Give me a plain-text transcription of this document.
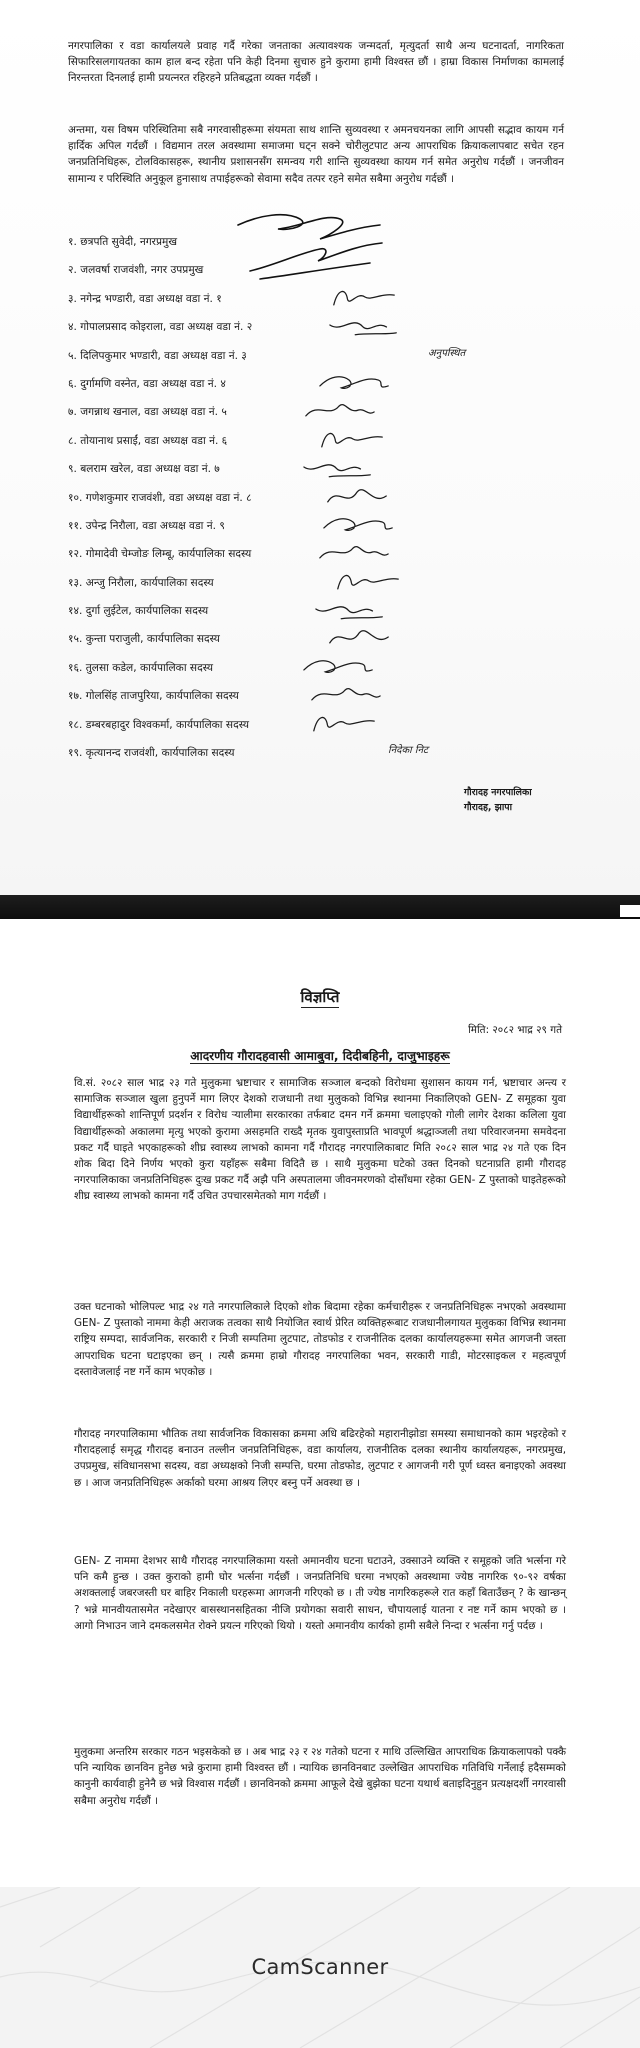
नगरपालिका र वडा कार्यालयले प्रवाह गर्दै गरेका जनताका अत्यावश्यक जन्मदर्ता, मृत्युदर्ता साथै अन्य घटनादर्ता, नागरिकता सिफारिसलगायतका काम हाल बन्द रहेता पनि केही दिनमा सुचारु हुने कुरामा हामी विश्वस्त छौं । हाम्रा विकास निर्माणका कामलाई निरन्तरता दिनलाई हामी प्रयत्नरत रहिरहने प्रतिबद्धता व्यक्त गर्दछौं ।
अन्तमा, यस विषम परिस्थितिमा सबै नगरवासीहरूमा संयमता साथ शान्ति सुव्यवस्था र अमनचयनका लागि आपसी सद्भाव कायम गर्न हार्दिक अपिल गर्दछौं । विद्यमान तरल अवस्थामा समाजमा घट्न सक्ने चोरीलुटपाट अन्य आपराधिक क्रियाकलापबाट सचेत रहन जनप्रतिनिधिहरू, टोलविकासहरू, स्थानीय प्रशासनसँग समन्वय गरी शान्ति सुव्यवस्था कायम गर्न समेत अनुरोध गर्दछौं । जनजीवन सामान्य र परिस्थिति अनुकूल हुनासाथ तपाईहरूको सेवामा सदैव तत्पर रहने समेत सबैमा अनुरोध गर्दछौं ।
१. छत्रपति सुवेदी, नगरप्रमुख
२. जलवर्षा राजवंशी, नगर उपप्रमुख
३. नगेन्द्र भण्डारी, वडा अध्यक्ष वडा नं. १
४. गोपालप्रसाद कोइराला, वडा अध्यक्ष वडा नं. २
५. दिलिपकुमार भण्डारी, वडा अध्यक्ष वडा नं. ३	अनुपस्थित
६. दुर्गामणि वस्नेत, वडा अध्यक्ष वडा नं. ४
७. जगन्नाथ खनाल, वडा अध्यक्ष वडा नं. ५
८. तोयानाथ प्रसाईं, वडा अध्यक्ष वडा नं. ६
९. बलराम खरेल, वडा अध्यक्ष वडा नं. ७
१०. गणेशकुमार राजवंशी, वडा अध्यक्ष वडा नं. ८
११. उपेन्द्र निरौला, वडा अध्यक्ष वडा नं. ९
१२. गोमादेवी चेम्जोङ लिम्बू, कार्यपालिका सदस्य
१३. अन्जु निरौला, कार्यपालिका सदस्य
१४. दुर्गा लुईटेल, कार्यपालिका सदस्य
१५. कुन्ता पराजुली, कार्यपालिका सदस्य
१६. तुलसा कडेल, कार्यपालिका सदस्य
१७. गोलसिंह ताजपुरिया, कार्यपालिका सदस्य
१८. डम्बरबहादुर विश्वकर्मा, कार्यपालिका सदस्य
१९. कृत्यानन्द राजवंशी, कार्यपालिका सदस्य	निदेका निट
गौरादह नगरपालिका
गौरादह, झापा
विज्ञप्ति
मिति: २०८२ भाद्र २९ गते
आदरणीय गौरादहवासी आमाबुवा, दिदीबहिनी, दाजुभाइहरू
वि.सं. २०८२ साल भाद्र २३ गते मुलुकमा भ्रष्टाचार र सामाजिक सञ्जाल बन्दको विरोधमा सुशासन कायम गर्न, भ्रष्टाचार अन्त्य र सामाजिक सञ्जाल खुला हुनुपर्ने माग लिएर देशको राजधानी तथा मुलुकको विभिन्न स्थानमा निकालिएको GEN- Z समूहका युवा विद्यार्थीहरूको शान्तिपूर्ण प्रदर्शन र विरोध र्‍यालीमा सरकारका तर्फबाट दमन गर्ने क्रममा चलाइएको गोली लागेर देशका कलिला युवा विद्यार्थीहरूको अकालमा मृत्यु भएको कुरामा असहमति राख्दै मृतक युवापुस्ताप्रति भावपूर्ण श्रद्धाञ्जली तथा परिवारजनमा समवेदना प्रकट गर्दै घाइते भएकाहरूको शीघ्र स्वास्थ्य लाभको कामना गर्दै गौरादह नगरपालिकाबाट मिति २०८२ साल भाद्र २४ गते एक दिन शोक बिदा दिने निर्णय भएको कुरा यहाँहरू सबैमा विदितै छ । साथै मुलुकमा घटेको उक्त दिनको घटनाप्रति हामी गौरादह नगरपालिकाका जनप्रतिनिधिहरू दुःख प्रकट गर्दै अझै पनि अस्पतालमा जीवनमरणको दोसाँधमा रहेका GEN- Z पुस्ताको घाइतेहरूको शीघ्र स्वास्थ्य लाभको कामना गर्दै उचित उपचारसमेतको माग गर्दछौं ।
उक्त घटनाको भोलिपल्ट भाद्र २४ गते नगरपालिकाले दिएको शोक बिदामा रहेका कर्मचारीहरू र जनप्रतिनिधिहरू नभएको अवस्थामा GEN- Z पुस्ताको नाममा केही अराजक तत्वका साथै नियोजित स्वार्थ प्रेरित व्यक्तिहरूबाट राजधानीलगायत मुलुकका विभिन्न स्थानमा राष्ट्रिय सम्पदा, सार्वजनिक, सरकारी र निजी सम्पतिमा लुटपाट, तोडफोड र राजनीतिक दलका कार्यालयहरूमा समेत आगजनी जस्ता आपराधिक घटना घटाइएका छन् । त्यसै क्रममा हाम्रो गौरादह नगरपालिका भवन, सरकारी गाडी, मोटरसाइकल र महत्वपूर्ण दस्तावेजलाई नष्ट गर्ने काम भएकोछ ।
गौरादह नगरपालिकामा भौतिक तथा सार्वजनिक विकासका क्रममा अधि बढिरहेको महारानीझोडा समस्या समाधानको काम भइरहेको र गौरादहलाई समृद्ध गौरादह बनाउन तल्लीन जनप्रतिनिधिहरू, वडा कार्यालय, राजनीतिक दलका स्थानीय कार्यालयहरू, नगरप्रमुख, उपप्रमुख, संविधानसभा सदस्य, वडा अध्यक्षको निजी सम्पत्ति, घरमा तोडफोड, लुटपाट र आगजनी गरी पूर्ण ध्वस्त बनाइएको अवस्था छ । आज जनप्रतिनिधिहरू अर्काको घरमा आश्रय लिएर बस्नु पर्ने अवस्था छ ।
GEN- Z नाममा देशभर साथै गौरादह नगरपालिकामा यस्तो अमानवीय घटना घटाउने, उक्साउने व्यक्ति र समूहको जति भर्त्सना गरे पनि कमै हुन्छ । उक्त कुराको हामी घोर भर्त्सना गर्दछौं । जनप्रतिनिधि घरमा नभएको अवस्थामा ज्येष्ठ नागरिक ९०-९२ वर्षका अशक्तलाई जबरजस्ती घर बाहिर निकाली घरहरूमा आगजनी गरिएको छ । ती ज्येष्ठ नागरिकहरूले रात कहाँ बिताउँछन् ? के खान्छन् ? भन्ने मानवीयतासमेत नदेखाएर बासस्थानसहितका नीजि प्रयोगका सवारी साधन, चौपायलाई यातना र नष्ट गर्ने काम भएको छ । आगो निभाउन जाने दमकलसमेत रोक्ने प्रयत्न गरिएको थियो । यस्तो अमानवीय कार्यको हामी सबैले निन्दा र भर्त्सना गर्नु पर्दछ ।
मुलुकमा अन्तरिम सरकार गठन भइसकेको छ । अब भाद्र २३ र २४ गतेको घटना र माथि उल्लिखित आपराधिक क्रियाकलापको पक्कै पनि न्यायिक छानविन हुनेछ भन्ने कुरामा हामी विश्वस्त छौं । न्यायिक छानविनबाट उल्लेखित आपराधिक गतिविधि गर्नेलाई हदैसम्मको कानुनी कार्यवाही हुनेनै छ भन्ने विश्वास गर्दछौं । छानविनको क्रममा आफूले देखे बुझेका घटना यथार्थ बताइदिनुहुन प्रत्यक्षदर्शी नगरवासी सबैमा अनुरोध गर्दछौं ।
CamScanner
